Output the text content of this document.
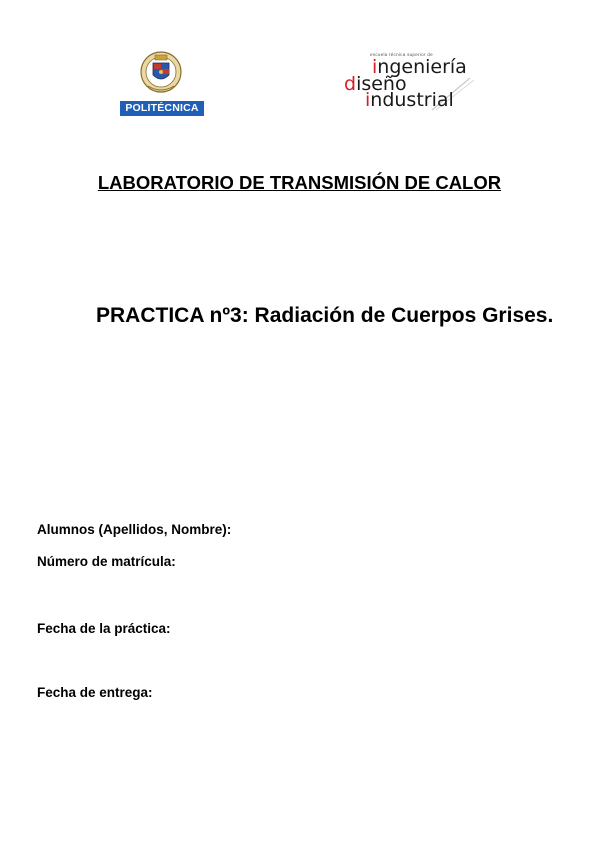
POLITÉCNICA
escuela técnica superior de
ingeniería
diseño
industrial
LABORATORIO DE TRANSMISIÓN DE CALOR
PRACTICA nº3: Radiación de Cuerpos Grises.
Alumnos (Apellidos, Nombre):
Número de matrícula:
Fecha de la práctica:
Fecha de entrega:
